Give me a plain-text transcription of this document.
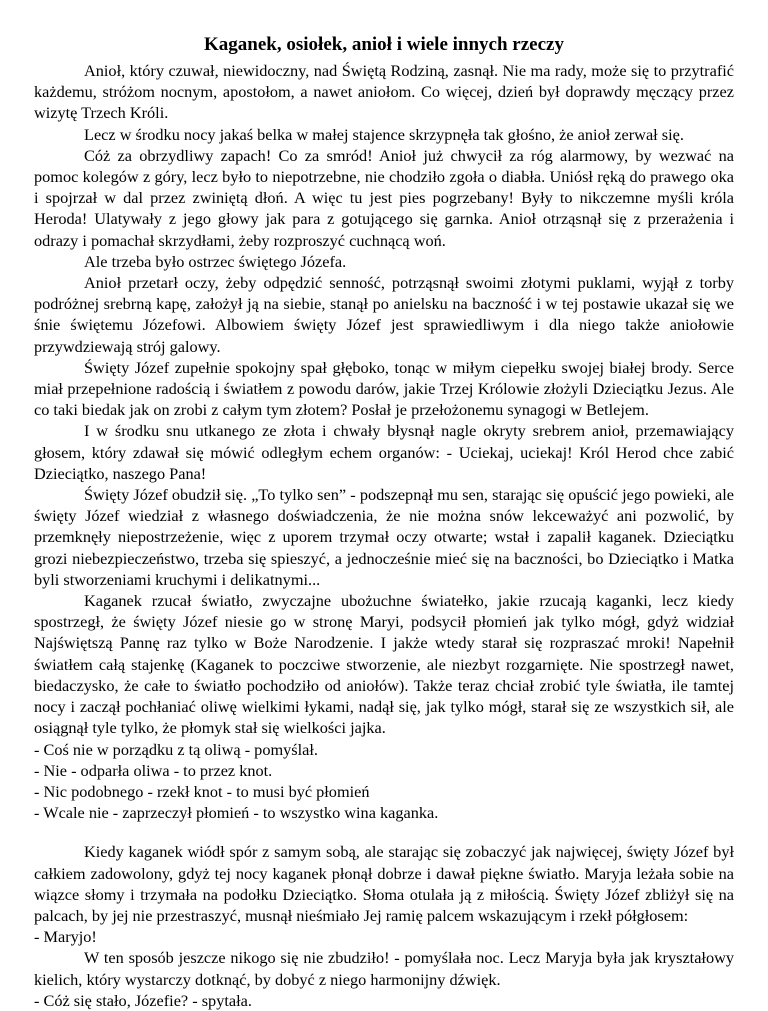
Kaganek, osiołek, anioł i wiele innych rzeczy

Anioł, który czuwał, niewidoczny, nad Świętą Rodziną, zasnął. Nie ma rady, może się to przytrafić każdemu, stróżom nocnym, apostołom, a nawet aniołom. Co więcej, dzień był doprawdy męczący przez wizytę Trzech Króli.

Lecz w środku nocy jakaś belka w małej stajence skrzypnęła tak głośno, że anioł zerwał się.

Cóż za obrzydliwy zapach! Co za smród! Anioł już chwycił za róg alarmowy, by wezwać na pomoc kolegów z góry, lecz było to niepotrzebne, nie chodziło zgoła o diabła. Uniósł ręką do prawego oka i spojrzał w dal przez zwiniętą dłoń. A więc tu jest pies pogrzebany! Były to nikczemne myśli króla Heroda! Ulatywały z jego głowy jak para z gotującego się garnka. Anioł otrząsnął się z przerażenia i odrazy i pomachał skrzydłami, żeby rozproszyć cuchnącą woń.

Ale trzeba było ostrzec świętego Józefa.

Anioł przetarł oczy, żeby odpędzić senność, potrząsnął swoimi złotymi puklami, wyjął z torby podróżnej srebrną kapę, założył ją na siebie, stanął po anielsku na baczność i w tej postawie ukazał się we śnie świętemu Józefowi. Albowiem święty Józef jest sprawiedliwym i dla niego także aniołowie przywdziewają strój galowy.

Święty Józef zupełnie spokojny spał głęboko, tonąc w miłym ciepełku swojej białej brody. Serce miał przepełnione radością i światłem z powodu darów, jakie Trzej Królowie złożyli Dzieciątku Jezus. Ale co taki biedak jak on zrobi z całym tym złotem? Posłał je przełożonemu synagogi w Betlejem.

I w środku snu utkanego ze złota i chwały błysnął nagle okryty srebrem anioł, przemawiający głosem, który zdawał się mówić odległym echem organów: - Uciekaj, uciekaj! Król Herod chce zabić Dzieciątko, naszego Pana!

Święty Józef obudził się. „To tylko sen” - podszepnął mu sen, starając się opuścić jego powieki, ale święty Józef wiedział z własnego doświadczenia, że nie można snów lekceważyć ani pozwolić, by przemknęły niepostrzeżenie, więc z uporem trzymał oczy otwarte; wstał i zapalił kaganek. Dzieciątku grozi niebezpieczeństwo, trzeba się spieszyć, a jednocześnie mieć się na baczności, bo Dzieciątko i Matka byli stworzeniami kruchymi i delikatnymi...

Kaganek rzucał światło, zwyczajne ubożuchne światełko, jakie rzucają kaganki, lecz kiedy spostrzegł, że święty Józef niesie go w stronę Maryi, podsycił płomień jak tylko mógł, gdyż widział Najświętszą Pannę raz tylko w Boże Narodzenie. I jakże wtedy starał się rozpraszać mroki! Napełnił światłem całą stajenkę (Kaganek to poczciwe stworzenie, ale niezbyt rozgarnięte. Nie spostrzegł nawet, biedaczysko, że całe to światło pochodziło od aniołów). Także teraz chciał zrobić tyle światła, ile tamtej nocy i zaczął pochłaniać oliwę wielkimi łykami, nadął się, jak tylko mógł, starał się ze wszystkich sił, ale osiągnął tyle tylko, że płomyk stał się wielkości jajka.

- Coś nie w porządku z tą oliwą - pomyślał.

- Nie - odparła oliwa - to przez knot.

- Nic podobnego - rzekł knot - to musi być płomień

- Wcale nie - zaprzeczył płomień - to wszystko wina kaganka.

Kiedy kaganek wiódł spór z samym sobą, ale starając się zobaczyć jak najwięcej, święty Józef był całkiem zadowolony, gdyż tej nocy kaganek płonął dobrze i dawał piękne światło. Maryja leżała sobie na wiązce słomy i trzymała na podołku Dzieciątko. Słoma otulała ją z miłością. Święty Józef zbliżył się na palcach, by jej nie przestraszyć, musnął nieśmiało Jej ramię palcem wskazującym i rzekł półgłosem:

- Maryjo!

W ten sposób jeszcze nikogo się nie zbudziło! - pomyślała noc. Lecz Maryja była jak kryształowy kielich, który wystarczy dotknąć, by dobyć z niego harmonijny dźwięk.

- Cóż się stało, Józefie? - spytała.
